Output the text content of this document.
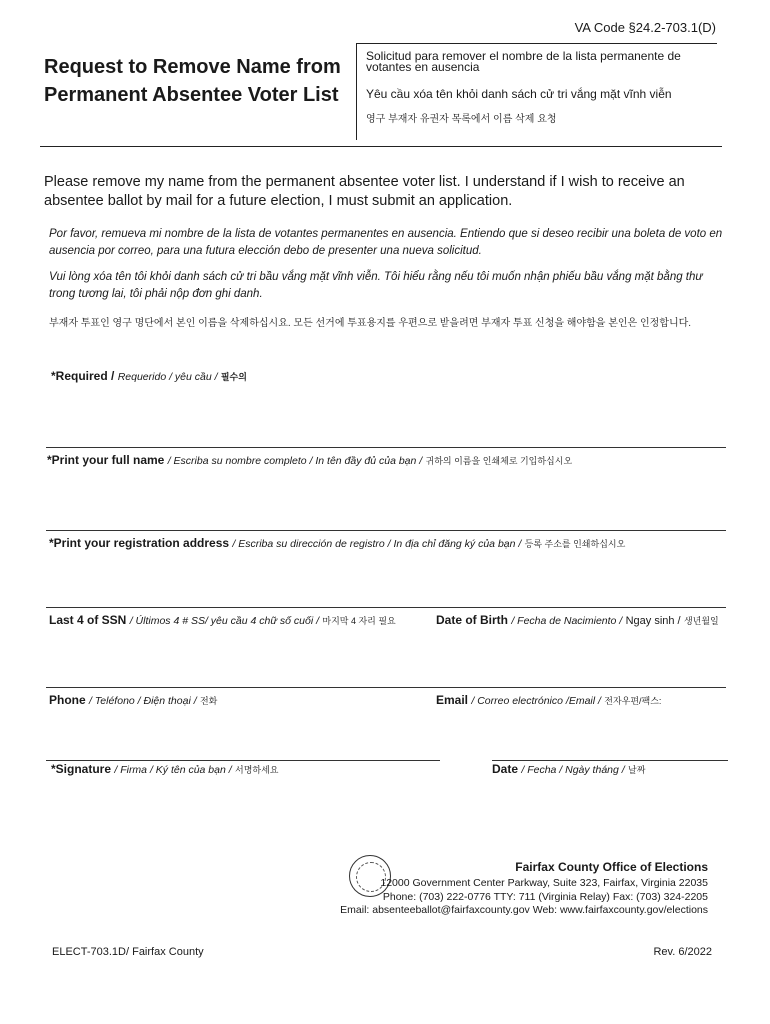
VA Code §24.2-703.1(D)
Request to Remove Name from
Permanent Absentee Voter List
Solicitud para remover el nombre de la lista permanente de votantes en ausencia
Yêu cầu xóa tên khỏi danh sách cử tri vắng mặt vĩnh viễn
영구 부재자 유권자 목록에서 이름 삭제 요청
Please remove my name from the permanent absentee voter list. I understand if I wish to receive an absentee ballot by mail for a future election, I must submit an application.
Por favor, remueva mi nombre de la lista de votantes permanentes en ausencia. Entiendo que si deseo recibir una boleta de voto en ausencia por correo, para una futura elección debo de presenter una nueva solicitud.
Vui lòng xóa tên tôi khỏi danh sách cử tri bầu vắng mặt vĩnh viễn. Tôi hiểu rằng nếu tôi muốn nhận phiếu bầu vắng mặt bằng thư trong tương lai, tôi phải nộp đơn ghi danh.
부재자 투표인 영구 명단에서 본인 이름을 삭제하십시요. 모든 선거에 투표용지를 우편으로 받을려면 부재자 투표 신청을 해야함을 본인은 인정합니다.
*Required / Requerido / yêu cầu / 필수의
*Print your full name / Escriba su nombre completo / In tên đầy đủ của bạn / 귀하의 이름을 인쇄체로 기입하십시오
*Print your registration address / Escriba su dirección de registro / In địa chỉ đăng ký của bạn / 등록 주소를 인쇄하십시오
Last 4 of SSN / Últimos 4 # SS/ yêu cầu 4 chữ số cuối / 마지막 4 자리 필요	Date of Birth / Fecha de Nacimiento / Ngay sinh / 생년월일
Phone / Teléfono / Điện thoại / 전화	Email / Correo electrónico /Email / 전자우편/팩스:
*Signature / Firma / Ký tên của bạn / 서명하세요	Date / Fecha / Ngày tháng / 날짜
Fairfax County Office of Elections
12000 Government Center Parkway, Suite 323, Fairfax, Virginia 22035
Phone: (703) 222-0776 TTY: 711 (Virginia Relay) Fax: (703) 324-2205
Email: absenteeballot@fairfaxcounty.gov Web: www.fairfaxcounty.gov/elections
ELECT-703.1D/ Fairfax County	Rev. 6/2022
